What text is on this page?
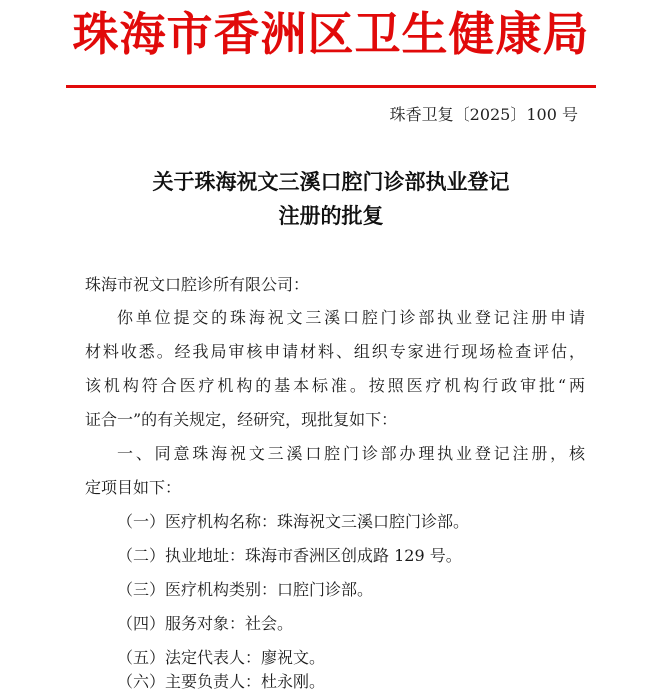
珠海市香洲区卫生健康局
珠香卫复〔2025〕100 号
关于珠海祝文三溪口腔门诊部执业登记
注册的批复
珠海市祝文口腔诊所有限公司：
你单位提交的珠海祝文三溪口腔门诊部执业登记注册申请
材料收悉。经我局审核申请材料、组织专家进行现场检查评估，
该机构符合医疗机构的基本标准。按照医疗机构行政审批“两
证合一”的有关规定，经研究，现批复如下：
一、同意珠海祝文三溪口腔门诊部办理执业登记注册，核
定项目如下：
（一）医疗机构名称：珠海祝文三溪口腔门诊部。
（二）执业地址：珠海市香洲区创成路 129 号。
（三）医疗机构类别：口腔门诊部。
（四）服务对象：社会。
（五）法定代表人：廖祝文。
（六）主要负责人：杜永刚。
